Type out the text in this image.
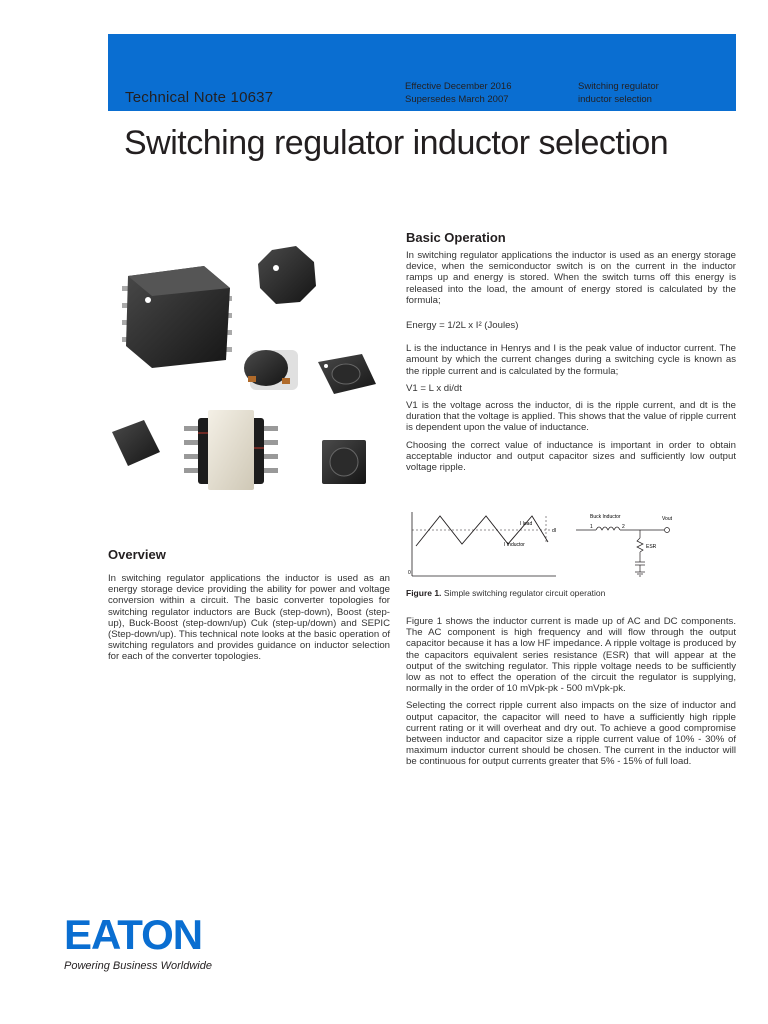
Technical Note 10637
Effective December 2016
Supersedes March 2007
Switching regulator
inductor selection
Switching regulator inductor selection
Overview

In switching regulator applications the inductor is used as an energy storage device providing the ability for power and voltage conversion within a circuit. The basic converter topologies for switching regulator inductors are Buck (step-down), Boost (step-up), Buck-Boost (step-down/up) Cuk (step-up/down) and SEPIC (Step-down/up). This technical note looks at the basic operation of switching regulators and provides guidance on inductor selection for each of the converter topologies.

Basic Operation

In switching regulator applications the inductor is used as an energy storage device, when the semiconductor switch is on the current in the inductor ramps up and energy is stored. When the switch turns off this energy is released into the load, the amount of energy stored is calculated by the formula;

Energy = 1/2L x I² (Joules)

L is the inductance in Henrys and I is the peak value of inductor current. The amount by which the current changes during a switching cycle is known as the ripple current and is calculated by the formula;

V1 = L x di/dt

V1 is the voltage across the inductor, di is the ripple current, and dt is the duration that the voltage is applied. This shows that the value of ripple current is dependent upon the value of inductance.

Choosing the correct value of inductance is important in order to obtain acceptable inductor and output capacitor sizes and sufficiently low output voltage ripple.

I load
dI
I Inductor
0
Buck Inductor
1	2
Vout
ESR
Figure 1. Simple switching regulator circuit operation

Figure 1 shows the inductor current is made up of AC and DC components. The AC component is high frequency and will flow through the output capacitor because it has a low HF impedance. A ripple voltage is produced by the capacitors equivalent series resistance (ESR) that will appear at the output of the switching regulator. This ripple voltage needs to be sufficiently low as not to effect the operation of the circuit the regulator is supplying, normally in the order of 10 mVpk-pk - 500 mVpk-pk.

Selecting the correct ripple current also impacts on the size of inductor and output capacitor, the capacitor will need to have a sufficiently high ripple current rating or it will overheat and dry out. To achieve a good compromise between inductor and capacitor size a ripple current value of 10% - 30% of maximum inductor current should be chosen. The current in the inductor will be continuous for output currents greater that 5% - 15% of full load.

EATON
Powering Business Worldwide
